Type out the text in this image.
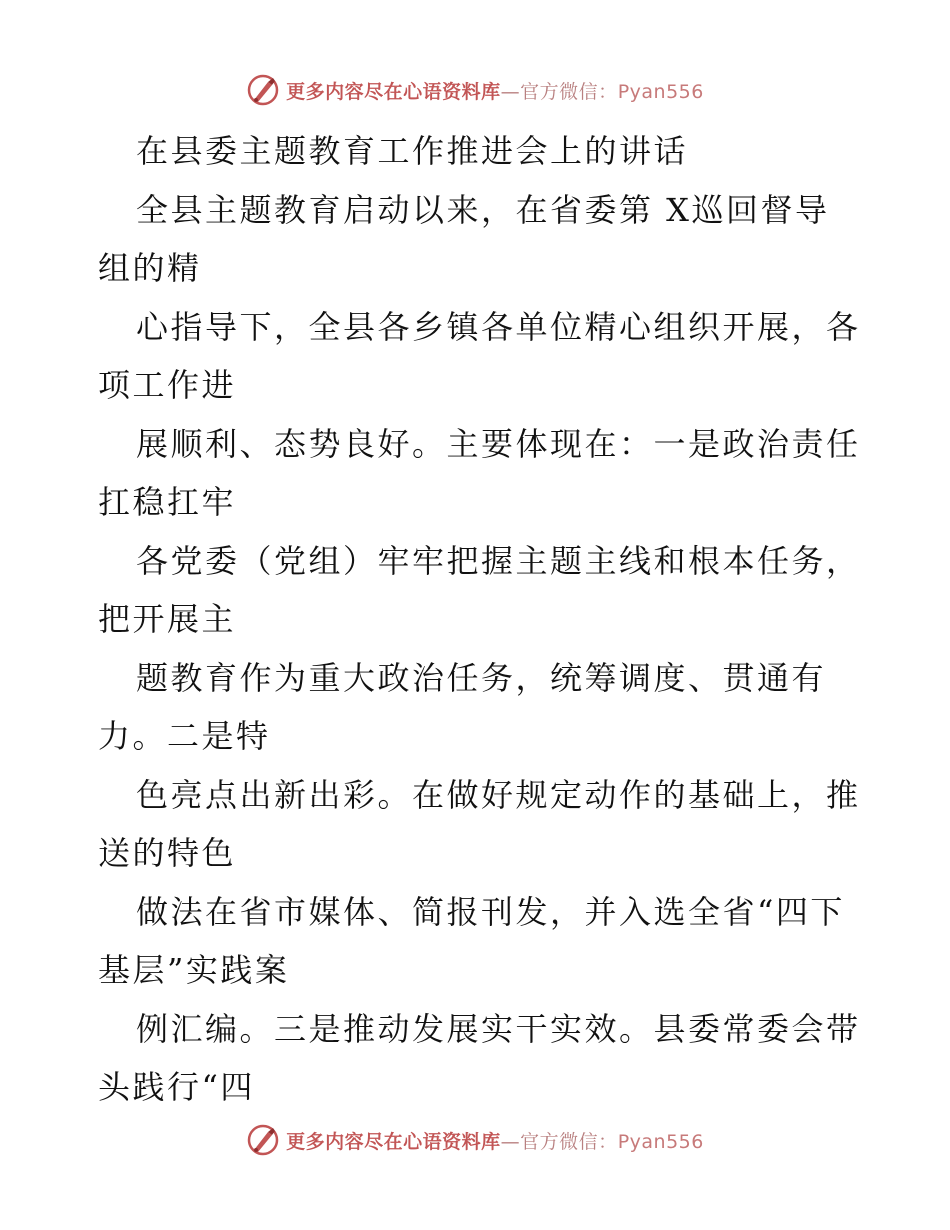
更多内容尽在心语资料库—官方微信：Pyan556
在县委主题教育工作推进会上的讲话
全县主题教育启动以来，在省委第 X巡回督导
组的精
心指导下，全县各乡镇各单位精心组织开展，各
项工作进
展顺利、态势良好。主要体现在：一是政治责任
扛稳扛牢
各党委（党组）牢牢把握主题主线和根本任务，
把开展主
题教育作为重大政治任务，统筹调度、贯通有
力。二是特
色亮点出新出彩。在做好规定动作的基础上，推
送的特色
做法在省市媒体、简报刊发，并入选全省“四下
基层”实践案
例汇编。三是推动发展实干实效。县委常委会带
头践行“四
更多内容尽在心语资料库—官方微信：Pyan556
